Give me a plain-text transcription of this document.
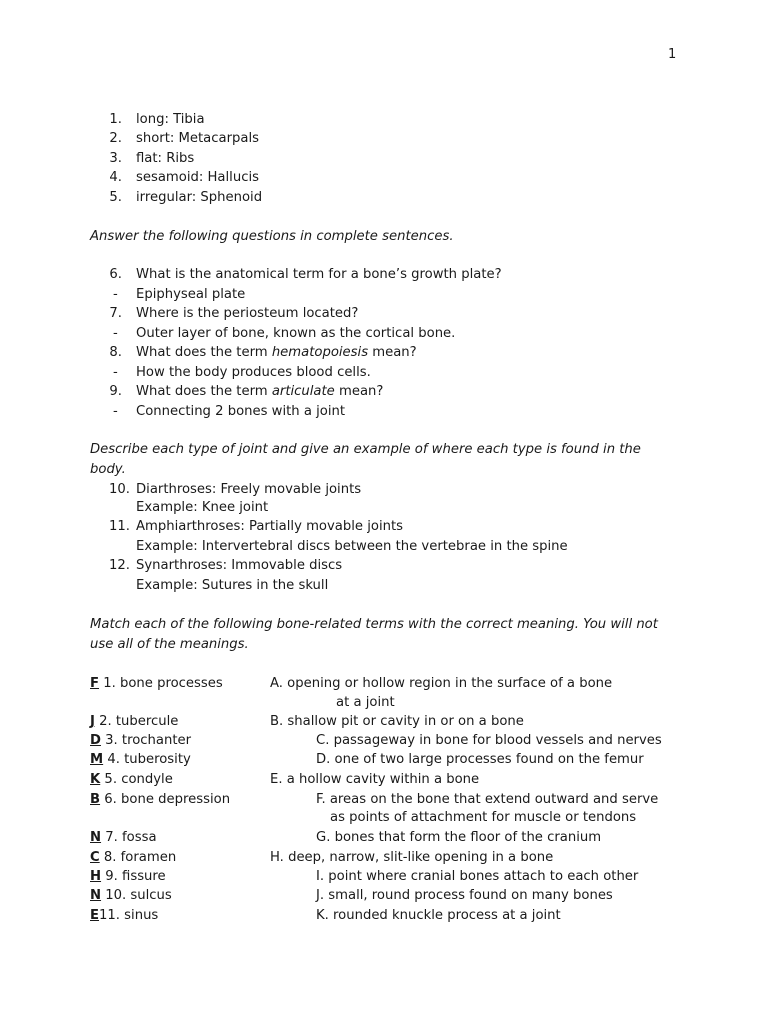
1
1. long: Tibia
2. short: Metacarpals
3. flat: Ribs
4. sesamoid: Hallucis
5. irregular: Sphenoid
Answer the following questions in complete sentences.
6. What is the anatomical term for a bone’s growth plate?
- Epiphyseal plate
7. Where is the periosteum located?
- Outer layer of bone, known as the cortical bone.
8. What does the term hematopoiesis mean?
- How the body produces blood cells.
9. What does the term articulate mean?
- Connecting 2 bones with a joint
Describe each type of joint and give an example of where each type is found in the
body.
10. Diarthroses: Freely movable joints
Example: Knee joint
11. Amphiarthroses: Partially movable joints
Example: Intervertebral discs between the vertebrae in the spine
12. Synarthroses: Immovable discs
Example: Sutures in the skull
Match each of the following bone-related terms with the correct meaning. You will not
use all of the meanings.
F 1. bone processes
J 2. tubercule
D 3. trochanter
M 4. tuberosity
K 5. condyle
B 6. bone depression
N 7. fossa
C 8. foramen
H 9. fissure
N 10. sulcus
E11. sinus
A. opening or hollow region in the surface of a bone
at a joint
B. shallow pit or cavity in or on a bone
C. passageway in bone for blood vessels and nerves
D. one of two large processes found on the femur
E. a hollow cavity within a bone
F. areas on the bone that extend outward and serve
as points of attachment for muscle or tendons
G. bones that form the floor of the cranium
H. deep, narrow, slit-like opening in a bone
I. point where cranial bones attach to each other
J. small, round process found on many bones
K. rounded knuckle process at a joint
